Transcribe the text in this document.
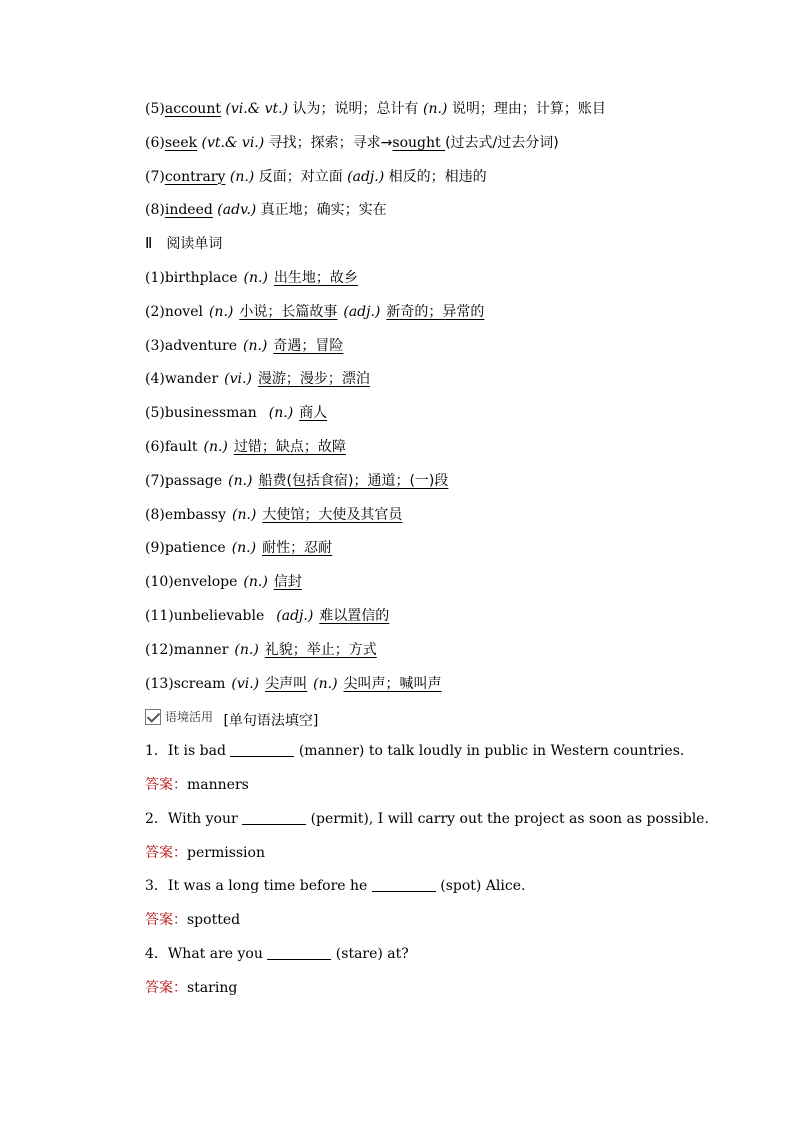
(5)account (vi.& vt.) 认为；说明；总计有 (n.) 说明；理由；计算；账目
(6)seek (vt.& vi.) 寻找；探索；寻求→sought (过去式/过去分词)
(7)contrary (n.) 反面；对立面 (adj.) 相反的；相违的
(8)indeed (adv.) 真正地；确实；实在
Ⅱ 阅读单词
(1)birthplace (n.) 出生地；故乡
(2)novel (n.) 小说；长篇故事 (adj.) 新奇的；异常的
(3)adventure (n.) 奇遇；冒险
(4)wander (vi.) 漫游；漫步；漂泊
(5)businessman (n.) 商人
(6)fault (n.) 过错；缺点；故障
(7)passage (n.) 船费(包括食宿)；通道；(一)段
(8)embassy (n.) 大使馆；大使及其官员
(9)patience (n.) 耐性；忍耐
(10)envelope (n.) 信封
(11)unbelievable (adj.) 难以置信的
(12)manner (n.) 礼貌；举止；方式
(13)scream (vi.) 尖声叫 (n.) 尖叫声；喊叫声
语境活用 [单句语法填空]
1．It is bad	(manner) to talk loudly in public in Western countries.
答案：manners
2．With your	(permit), I will carry out the project as soon as possible.
答案：permission
3．It was a long time before he	(spot) Alice.
答案：spotted
4．What are you	(stare) at?
答案：staring
